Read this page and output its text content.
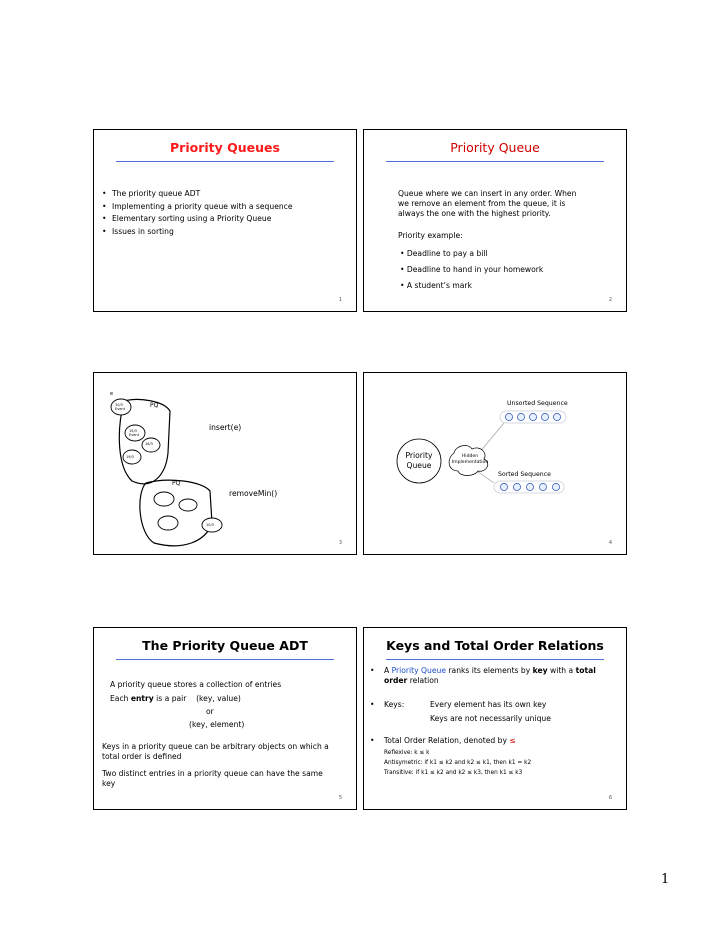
Priority Queues
• The priority queue ADT
• Implementing a priority queue with a sequence
• Elementary sorting using a Priority Queue
• Issues in sorting
1
Priority Queue
Queue where we can insert in any order. When
we remove an element from the queue, it is
always the one with the highest priority.
Priority example:
• Deadline to pay a bill
• Deadline to hand in your homework
• A student’s mark
2
PQ
10/3
Event
e
15/3
Event
16/3
19/3
PQ
10/3
insert(e)
removeMin()
3
Unsorted Sequence
Priority
Queue
Hidden
Implementation
Sorted Sequence
4
The Priority Queue ADT
A priority queue stores a collection of entries
Each entry is a pair    (key, value)
or
(key, element)
Keys in a priority queue can be arbitrary objects on which a
total order is defined
Two distinct entries in a priority queue can have the same
key
5
Keys and Total Order Relations
•	A Priority Queue ranks its elements by key with a total
order relation
• Keys:	Every element has its own key
Keys are not necessarily unique
• Total Order Relation, denoted by ≤
Reflexive: k ≤ k
Antisymetric: if k1 ≤ k2 and k2 ≤ k1, then k1 = k2
Transitive: if k1 ≤ k2 and k2 ≤ k3, then k1 ≤ k3
6
1
